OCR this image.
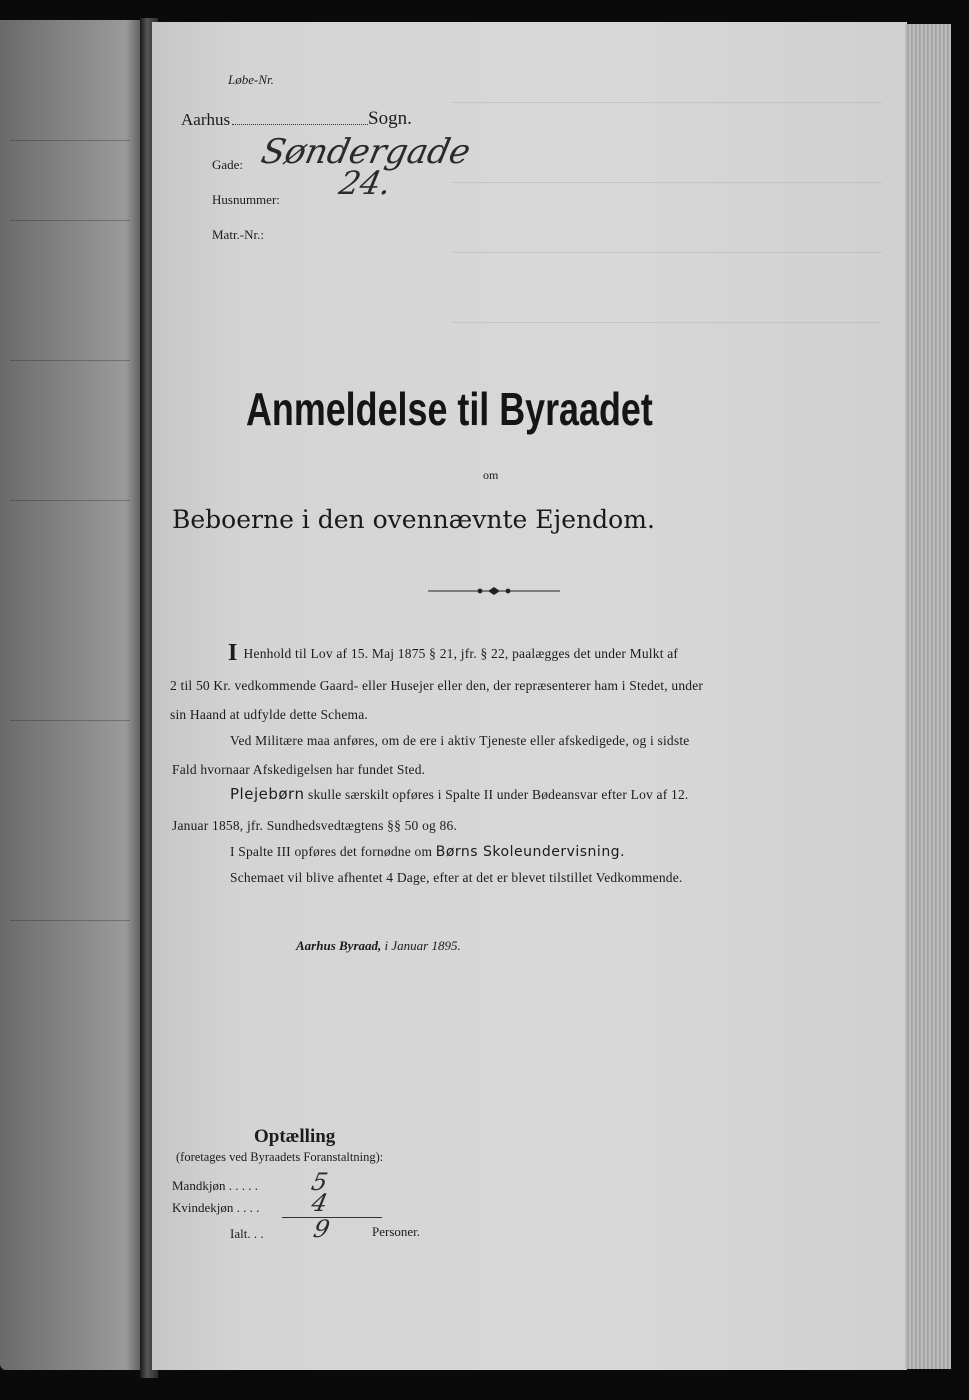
Løbe-Nr.
Aarhus	Sogn.
Gade: Søndergade
Husnummer: 24.
Matr.-Nr.:
Anmeldelse til Byraadet
om
Beboerne i den ovennævnte Ejendom.
I Henhold til Lov af 15. Maj 1875 § 21, jfr. § 22, paalægges det under Mulkt af
2 til 50 Kr. vedkommende Gaard- eller Husejer eller den, der repræsenterer ham i Stedet, under
sin Haand at udfylde dette Schema.
Ved Militære maa anføres, om de ere i aktiv Tjeneste eller afskedigede, og i sidste
Fald hvornaar Afskedigelsen har fundet Sted.
Plejebørn skulle særskilt opføres i Spalte II under Bødeansvar efter Lov af 12.
Januar 1858, jfr. Sundhedsvedtægtens §§ 50 og 86.
I Spalte III opføres det fornødne om Børns Skoleundervisning.
Schemaet vil blive afhentet 4 Dage, efter at det er blevet tilstillet Vedkommende.
Aarhus Byraad, i Januar 1895.
Optælling
(foretages ved Byraadets Foranstaltning):
Mandkjøn . . . . . 5
Kvindekjøn . . . . 4
Ialt. . . 9	Personer.
